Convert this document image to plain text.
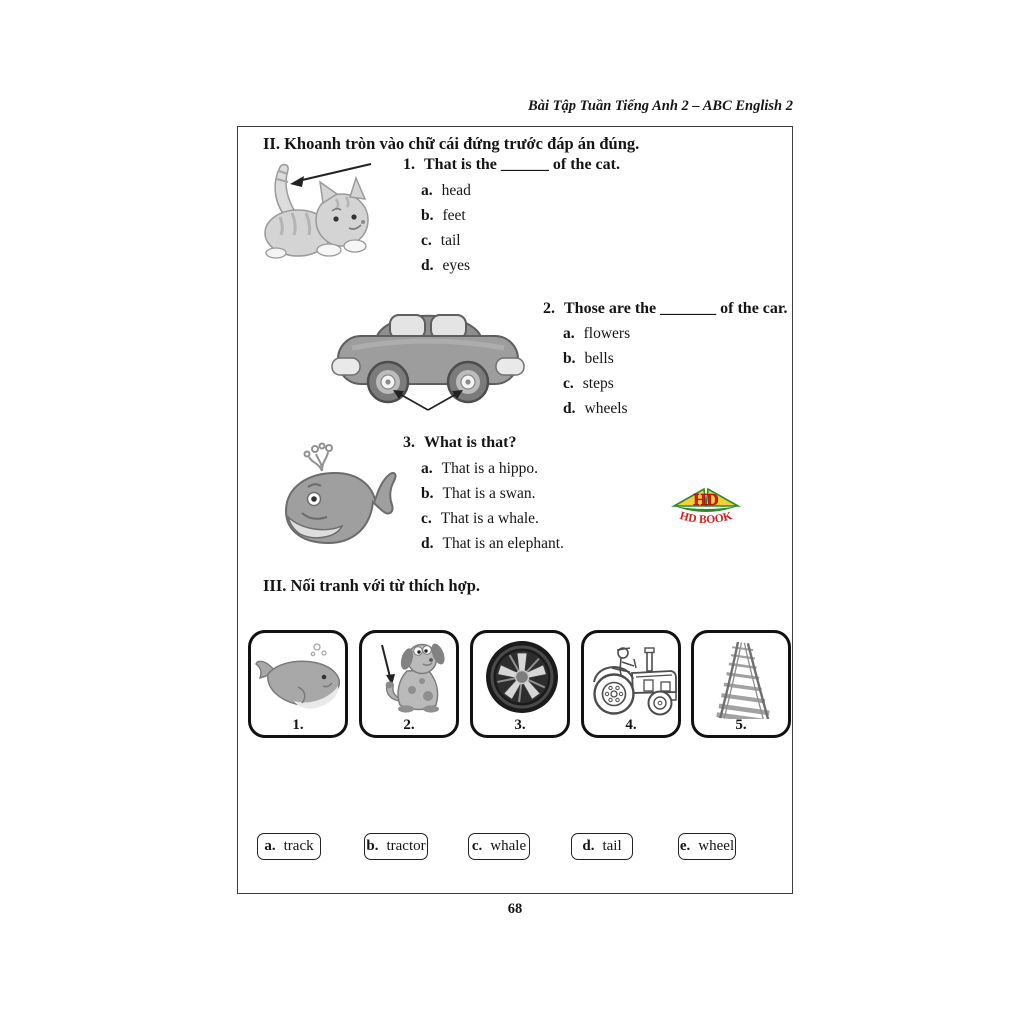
Bài Tập Tuần Tiếng Anh 2 – ABC English 2
II. Khoanh tròn vào chữ cái đứng trước đáp án đúng.
1. That is the ______ of the cat.
a. head
b. feet
c. tail
d. eyes
2. Those are the _______ of the car.
a. flowers
b. bells
c. steps
d. wheels
3. What is that?
a. That is a hippo.
b. That is a swan.
c. That is a whale.
d. That is an elephant.
HD
HD BOOK
III. Nối tranh với từ thích hợp.
1.	2.	3.	4.	5.
a. track	b. tractor	c. whale	d. tail	e. wheel
68
